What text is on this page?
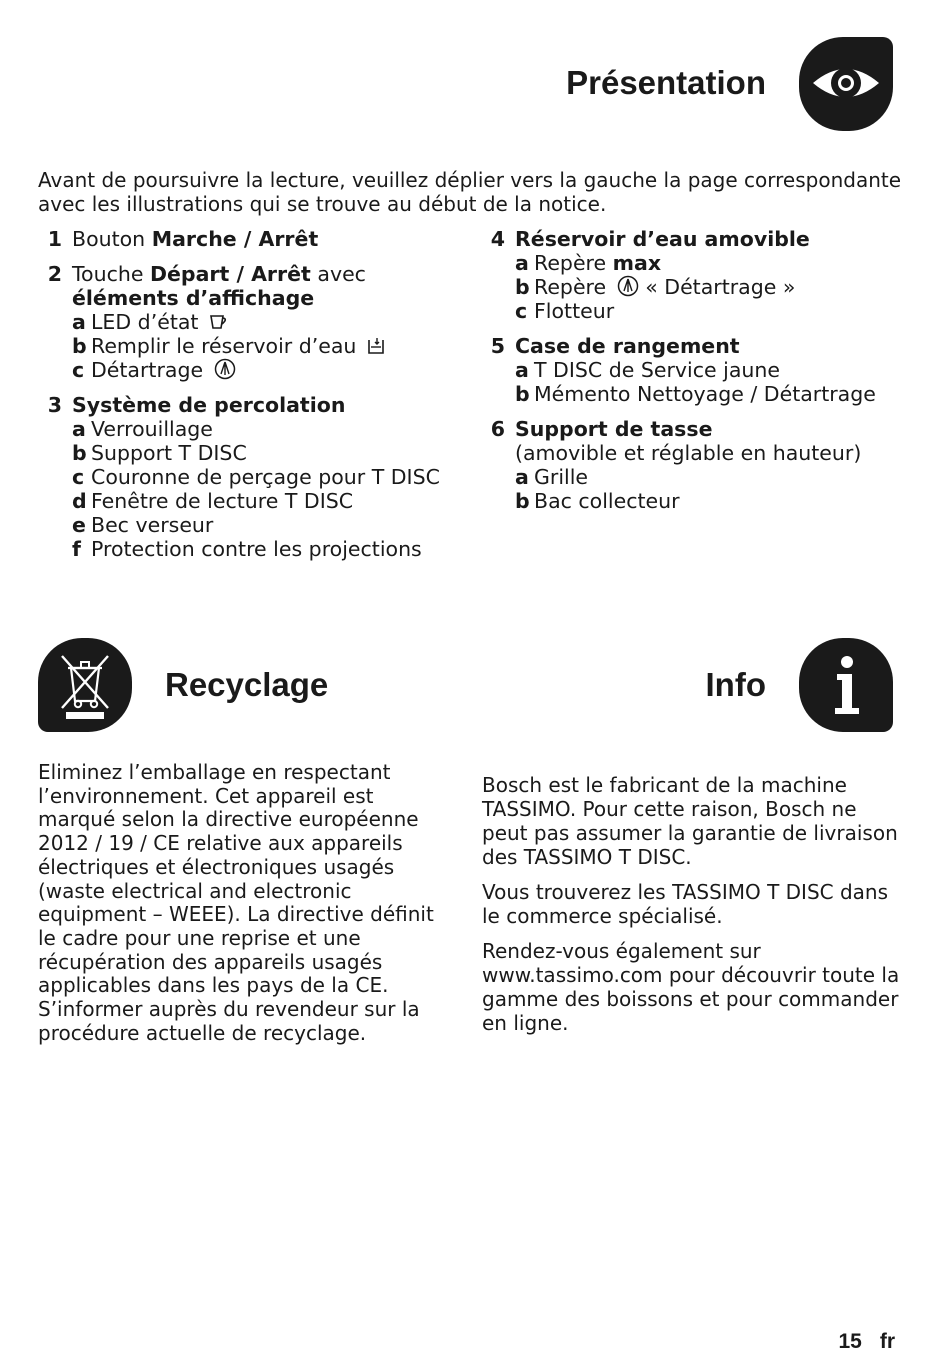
Présentation

Avant de poursuivre la lecture, veuillez déplier vers la gauche la page correspondante avec les illustrations qui se trouve au début de la notice.

1 Bouton Marche / Arrêt
2 Touche Départ / Arrêt avec
éléments d’affichage
a LED d’état
b Remplir le réservoir d’eau
c Détartrage
3 Système de percolation
a Verrouillage
b Support T DISC
c Couronne de perçage pour T DISC
d Fenêtre de lecture T DISC
e Bec verseur
f Protection contre les projections
4 Réservoir d’eau amovible
a Repère max
b Repère « Détartrage »
c Flotteur
5 Case de rangement
a T DISC de Service jaune
b Mémento Nettoyage / Détartrage
6 Support de tasse
(amovible et réglable en hauteur)
a Grille
b Bac collecteur
Recyclage

Eliminez l’emballage en respectant l’environnement. Cet appareil est marqué selon la directive européenne 2012 / 19 / CE relative aux appareils électriques et électroniques usagés (waste electrical and electronic equipment – WEEE). La directive définit le cadre pour une reprise et une récupération des appareils usagés applicables dans les pays de la CE. S’informer auprès du revendeur sur la procédure actuelle de recyclage.

Info

Bosch est le fabricant de la machine TASSIMO. Pour cette raison, Bosch ne peut pas assumer la garantie de livraison des TASSIMO T DISC.

Vous trouverez les TASSIMO T DISC dans le commerce spécialisé.

Rendez-vous également sur www.tassimo.com pour découvrir toute la gamme des boissons et pour commander en ligne.

15 fr
